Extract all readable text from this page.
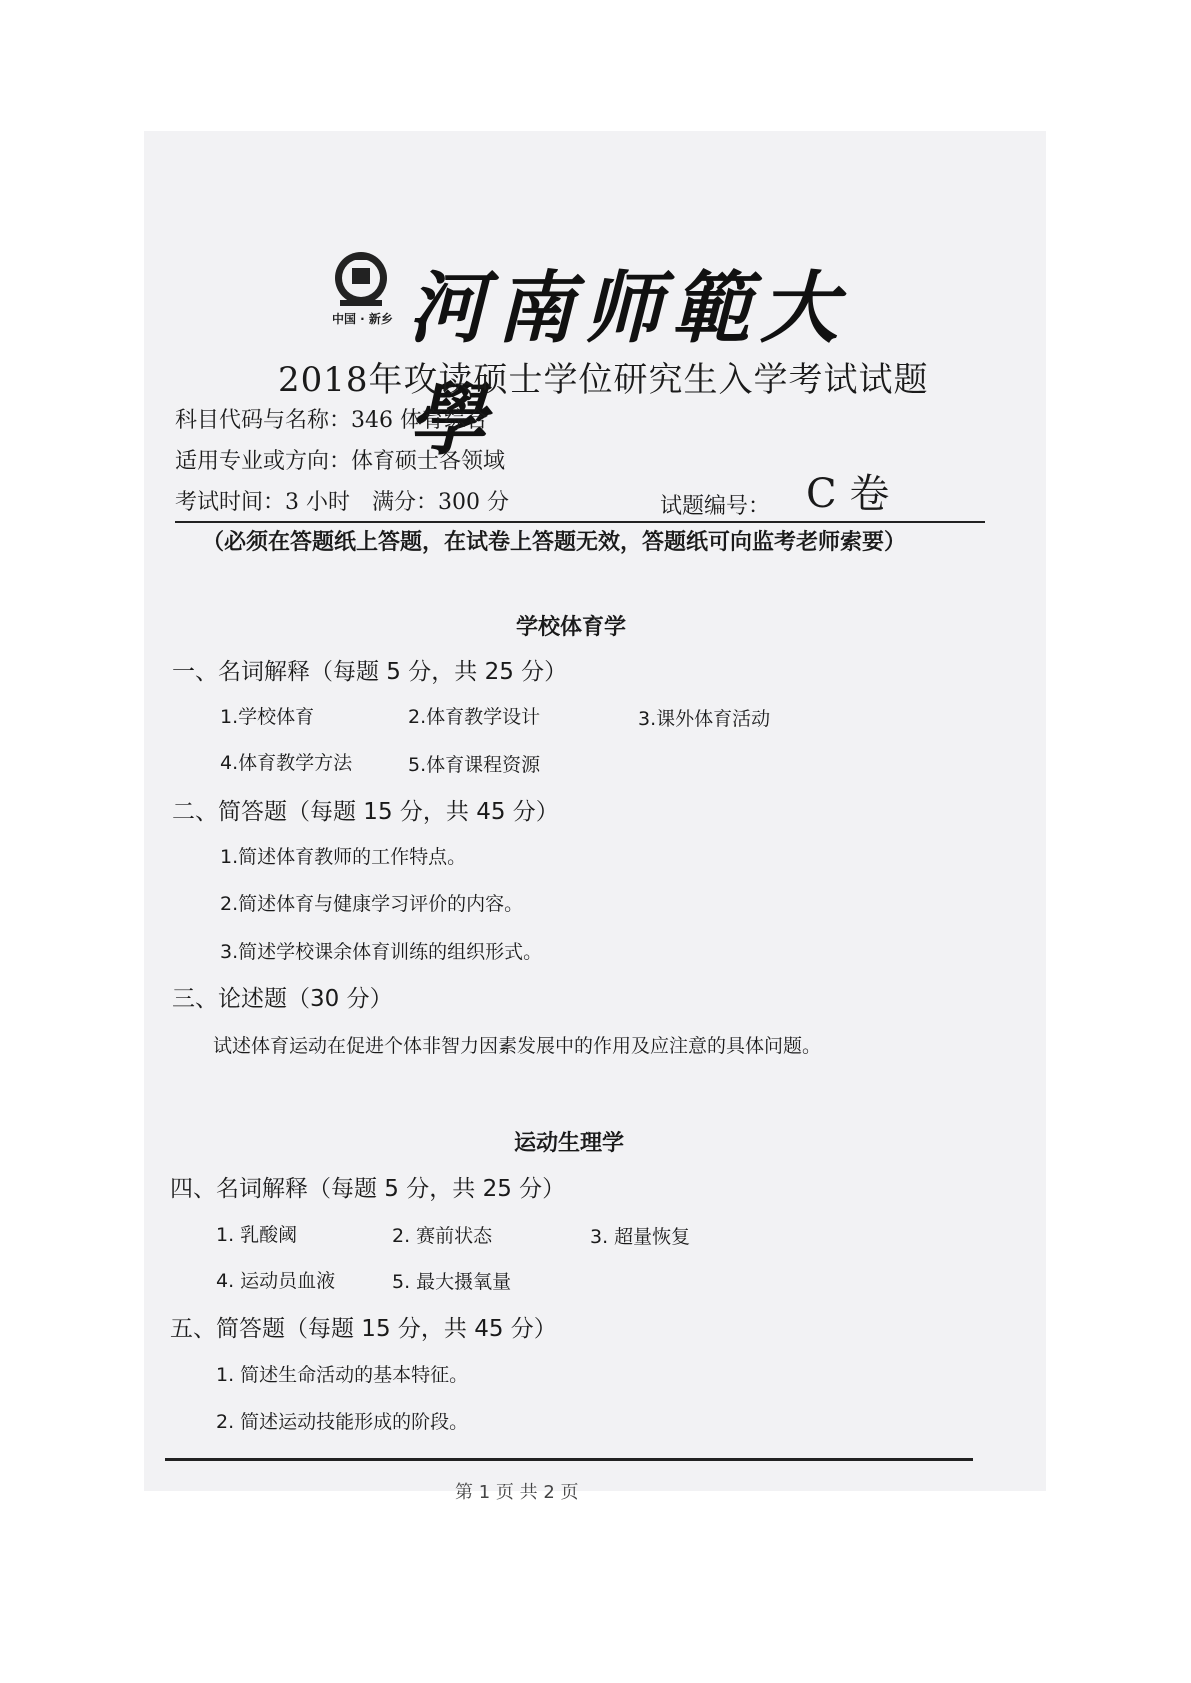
中国 · 新乡 河南师範大學
2018年攻读硕士学位研究生入学考试试题
科目代码与名称：346 体育综合
适用专业或方向：体育硕士各领域
考试时间：3 小时　满分：300 分	试题编号： C 卷
（必须在答题纸上答题，在试卷上答题无效，答题纸可向监考老师索要）
学校体育学
一、名词解释（每题 5 分，共 25 分）
1.学校体育	2.体育教学设计	3.课外体育活动
4.体育教学方法	5.体育课程资源
二、简答题（每题 15 分，共 45 分）
1.简述体育教师的工作特点。
2.简述体育与健康学习评价的内容。
3.简述学校课余体育训练的组织形式。
三、论述题（30 分）
试述体育运动在促进个体非智力因素发展中的作用及应注意的具体问题。
运动生理学
四、名词解释（每题 5 分，共 25 分）
1. 乳酸阈	2. 赛前状态	3. 超量恢复
4. 运动员血液	5. 最大摄氧量
五、简答题（每题 15 分，共 45 分）
1. 简述生命活动的基本特征。
2. 简述运动技能形成的阶段。
第 1 页 共 2 页
